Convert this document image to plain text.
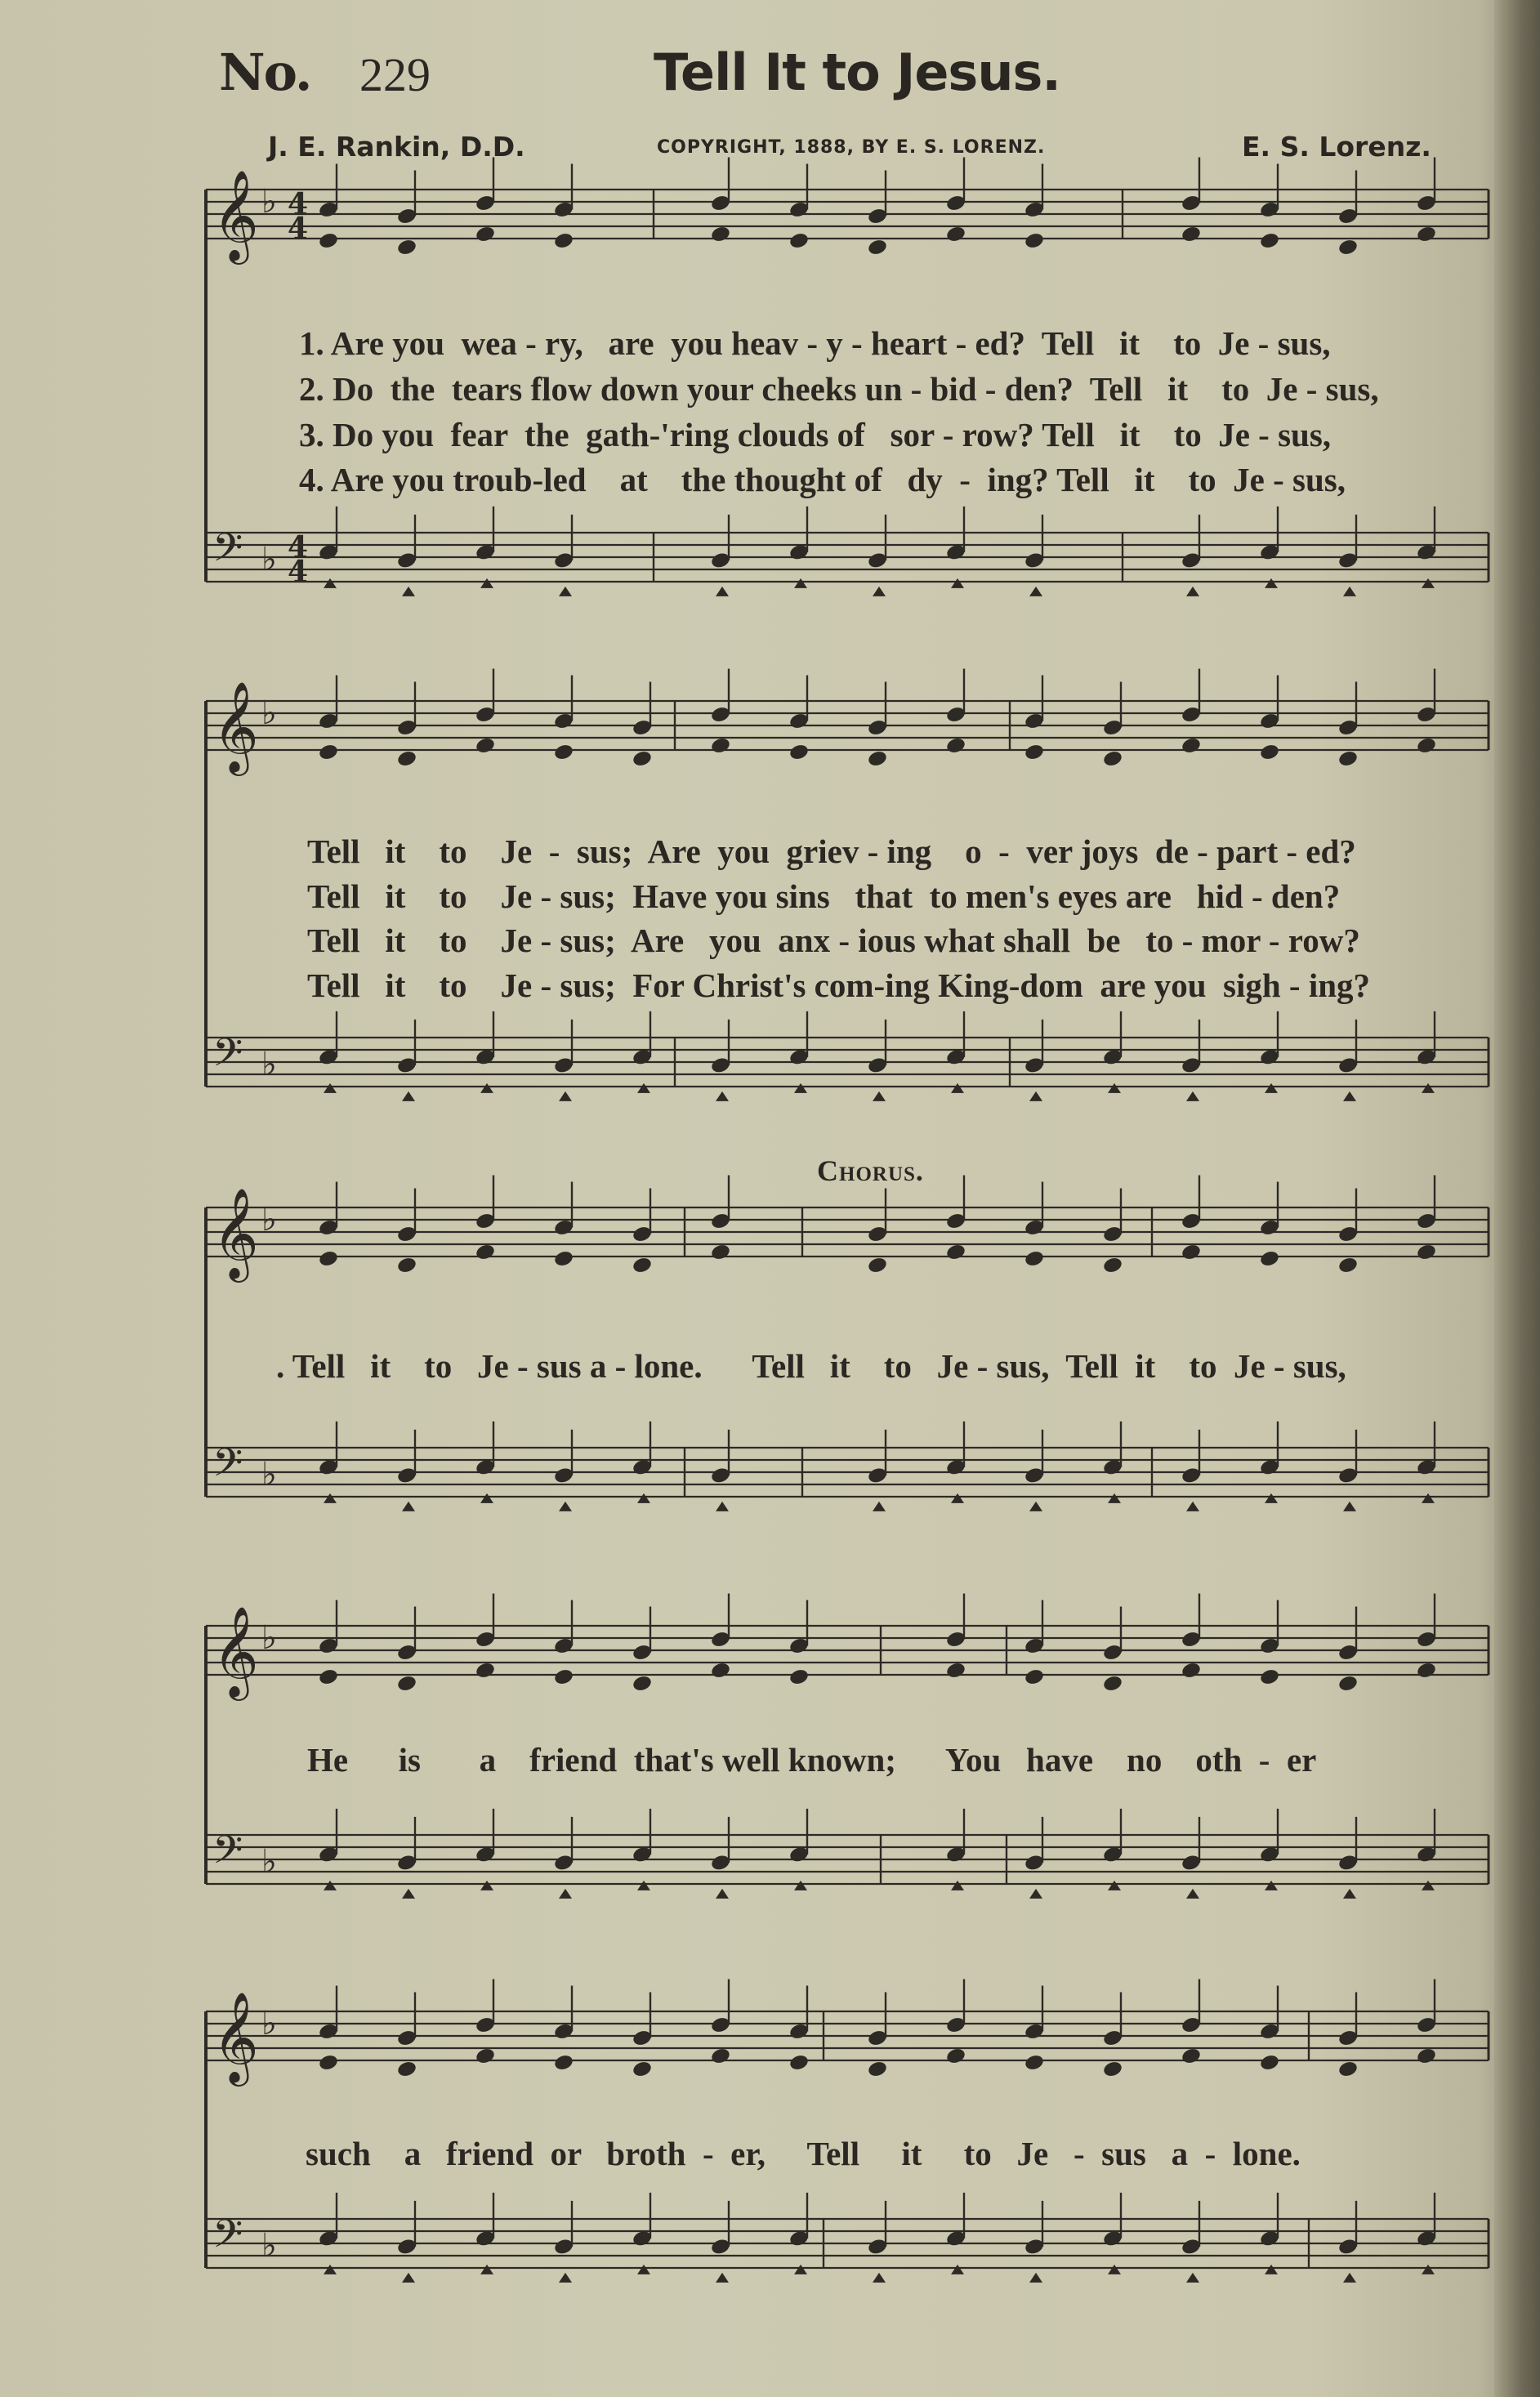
No. 229	Tell It to Jesus.
J. E. Rankin, D.D.	COPYRIGHT, 1888, BY E. S. LORENZ.	E. S. Lorenz.
𝄞 ♭
𝄢 ♭
4
4
4
4
𝄞 ♭
𝄢 ♭
𝄞 ♭
𝄢 ♭
𝄞 ♭
𝄢 ♭
𝄞 ♭
𝄢 ♭
1. Are you  wea - ry,   are  you heav - y - heart - ed?  Tell   it    to  Je - sus,
2. Do  the  tears flow down your cheeks un - bid - den?  Tell   it    to  Je - sus,
3. Do you  fear  the  gath-'ring clouds of   sor - row? Tell   it    to  Je - sus,
4. Are you troub-led    at    the thought of   dy  -  ing? Tell   it    to  Je - sus,
Tell   it    to    Je  -  sus;  Are  you  griev - ing    o  -  ver joys  de - part - ed?
Tell   it    to    Je - sus;  Have you sins   that  to men's eyes are   hid - den?
Tell   it    to    Je - sus;  Are   you  anx - ious what shall  be   to - mor - row?
Tell   it    to    Je - sus;  For Christ's com-ing King-dom  are you  sigh - ing?
Chorus.
. Tell   it    to   Je - sus a - lone.      Tell   it    to   Je - sus,  Tell  it    to  Je - sus,
He      is       a    friend  that's well known;      You   have    no    oth  -  er
such    a   friend  or   broth  -  er,     Tell     it     to   Je   -  sus   a  -  lone.
